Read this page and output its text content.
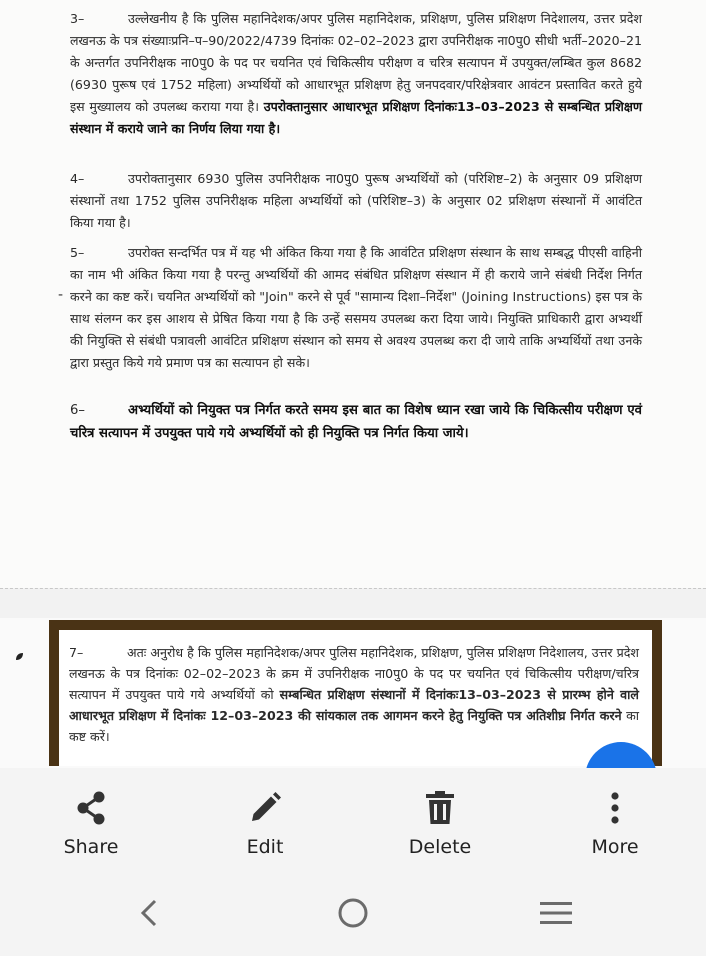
3–	उल्लेखनीय है कि पुलिस महानिदेशक/अपर पुलिस महानिदेशक, प्रशिक्षण, पुलिस प्रशिक्षण निदेशालय, उत्तर प्रदेश लखनऊ के पत्र संख्याःप्रनि–प–90/2022/4739 दिनांकः 02–02–2023 द्वारा उपनिरीक्षक ना0पु0 सीधी भर्ती–2020–21 के अन्तर्गत उपनिरीक्षक ना0पु0 के पद पर चयनित एवं चिकित्सीय परीक्षण व चरित्र सत्यापन में उपयुक्त/लम्बित कुल 8682 (6930 पुरूष एवं 1752 महिला) अभ्यर्थियों को आधारभूत प्रशिक्षण हेतु जनपदवार/परिक्षेत्रवार आवंटन प्रस्तावित करते हुये इस मुख्यालय को उपलब्ध कराया गया है। उपरोक्तानुसार आधारभूत प्रशिक्षण दिनांकः13–03–2023 से सम्बन्धित प्रशिक्षण संस्थान में कराये जाने का निर्णय लिया गया है।
4–	उपरोक्तानुसार 6930 पुलिस उपनिरीक्षक ना0पु0 पुरूष अभ्यर्थियों को (परिशिष्ट–2) के अनुसार 09 प्रशिक्षण संस्थानों तथा 1752 पुलिस उपनिरीक्षक महिला अभ्यर्थियों को (परिशिष्ट–3) के अनुसार 02 प्रशिक्षण संस्थानों में आवंटित किया गया है।
5–	उपरोक्त सन्दर्भित पत्र में यह भी अंकित किया गया है कि आवंटित प्रशिक्षण संस्थान के साथ सम्बद्ध पीएसी वाहिनी का नाम भी अंकित किया गया है परन्तु अभ्यर्थियों की आमद संबंधित प्रशिक्षण संस्थान में ही कराये जाने संबंधी निर्देश निर्गत करने का कष्ट करें। चयनित अभ्यर्थियों को "Join" करने से पूर्व "सामान्य दिशा–निर्देश" (Joining Instructions) इस पत्र के साथ संलग्न कर इस आशय से प्रेषित किया गया है कि उन्हें ससमय उपलब्ध करा दिया जाये। नियुक्ति प्राधिकारी द्वारा अभ्यर्थी की नियुक्ति से संबंधी पत्रावली आवंटित प्रशिक्षण संस्थान को समय से अवश्य उपलब्ध करा दी जाये ताकि अभ्यर्थियों तथा उनके द्वारा प्रस्तुत किये गये प्रमाण पत्र का सत्यापन हो सके।
-
6–	अभ्यर्थियों को नियुक्त पत्र निर्गत करते समय इस बात का विशेष ध्यान रखा जाये कि चिकित्सीय परीक्षण एवं चरित्र सत्यापन में उपयुक्त पाये गये अभ्यर्थियों को ही नियुक्ति पत्र निर्गत किया जाये।
7–	अतः अनुरोध है कि पुलिस महानिदेशक/अपर पुलिस महानिदेशक, प्रशिक्षण, पुलिस प्रशिक्षण निदेशालय, उत्तर प्रदेश लखनऊ के पत्र दिनांकः 02–02–2023 के क्रम में उपनिरीक्षक ना0पु0 के पद पर चयनित एवं चिकित्सीय परीक्षण/चरित्र सत्यापन में उपयुक्त पाये गये अभ्यर्थियों को सम्बन्धित प्रशिक्षण संस्थानों में दिनांकः13–03–2023 से प्रारम्भ होने वाले आधारभूत प्रशिक्षण में दिनांकः 12–03–2023 की सांयकाल तक आगमन करने हेतु नियुक्ति पत्र अतिशीघ्र निर्गत करने का कष्ट करें।
Share	Edit	Delete	More
